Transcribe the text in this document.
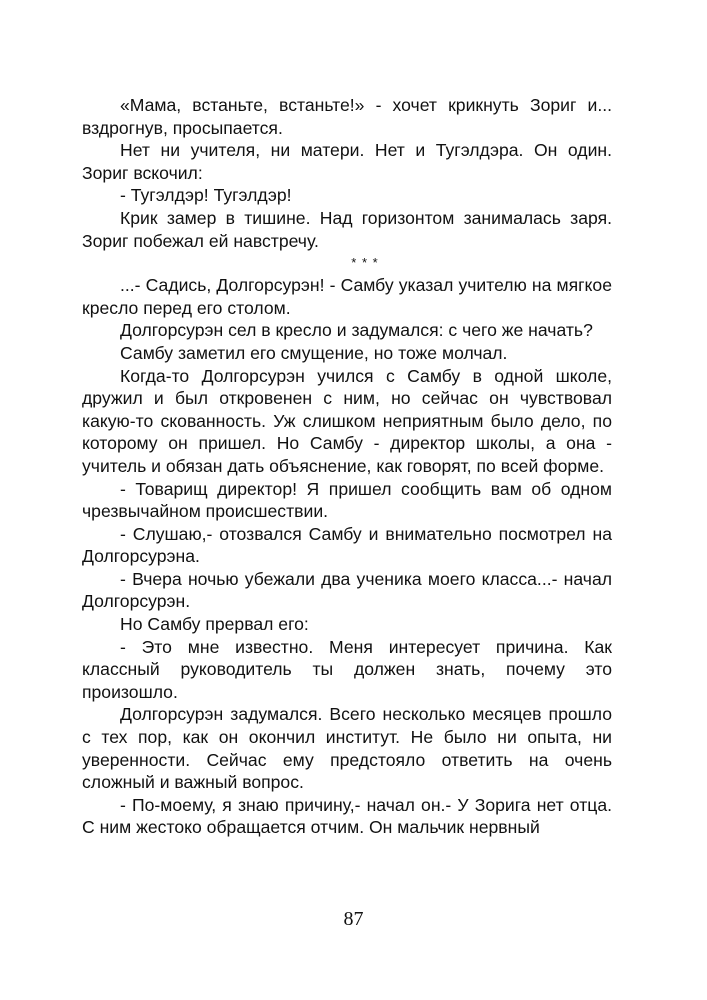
«Мама, встаньте, встаньте!» - хочет крикнуть Зориг и... вздрогнув, просыпается.

Нет ни учителя, ни матери. Нет и Тугэлдэра. Он один. Зориг вскочил:

- Тугэлдэр! Тугэлдэр!

Крик замер в тишине. Над горизонтом занималась заря. Зориг побежал ей навстречу.

* * *

...- Садись, Долгорсурэн! - Самбу указал учителю на мягкое кресло перед его столом.

Долгорсурэн сел в кресло и задумался: с чего же начать?

Самбу заметил его смущение, но тоже молчал.

Когда-то Долгорсурэн учился с Самбу в одной школе, дружил и был откровенен с ним, но сейчас он чувствовал какую-то скованность. Уж слишком неприятным было дело, по которому он пришел. Но Самбу - директор школы, а она - учитель и обязан дать объяснение, как говорят, по всей форме.

- Товарищ директор! Я пришел сообщить вам об одном чрезвычайном происшествии.

- Слушаю,- отозвался Самбу и внимательно посмотрел на Долгорсурэна.

- Вчера ночью убежали два ученика моего класса...- начал Долгорсурэн.

Но Самбу прервал его:

- Это мне известно. Меня интересует причина. Как классный руководитель ты должен знать, почему это произошло.

Долгорсурэн задумался. Всего несколько месяцев прошло с тех пор, как он окончил институт. Не было ни опыта, ни уверенности. Сейчас ему предстояло ответить на очень сложный и важный вопрос.

- По-моему, я знаю причину,- начал он.- У Зорига нет отца. С ним жестоко обращается отчим. Он мальчик нервный

87
